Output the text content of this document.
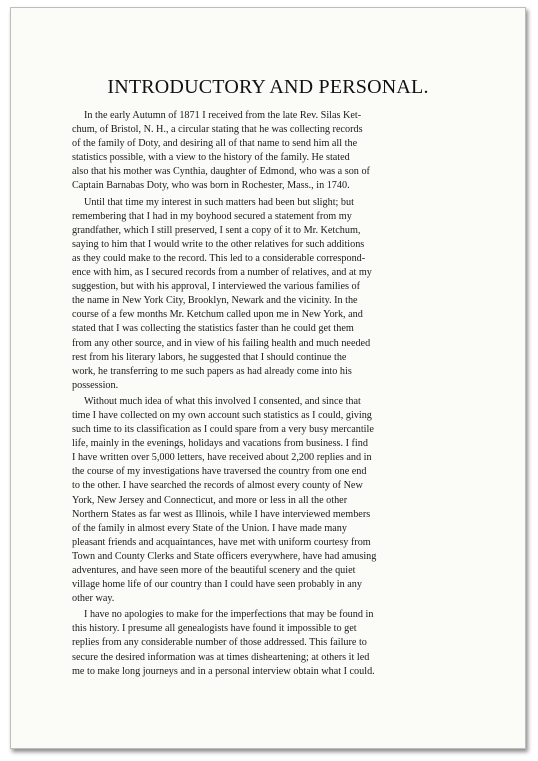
INTRODUCTORY AND PERSONAL.

In the early Autumn of 1871 I received from the late Rev. Silas Ket-
chum, of Bristol, N. H., a circular stating that he was collecting records
of the family of Doty, and desiring all of that name to send him all the
statistics possible, with a view to the history of the family. He stated
also that his mother was Cynthia, daughter of Edmond, who was a son of
Captain Barnabas Doty, who was born in Rochester, Mass., in 1740.

Until that time my interest in such matters had been but slight; but
remembering that I had in my boyhood secured a statement from my
grandfather, which I still preserved, I sent a copy of it to Mr. Ketchum,
saying to him that I would write to the other relatives for such additions
as they could make to the record. This led to a considerable correspond-
ence with him, as I secured records from a number of relatives, and at my
suggestion, but with his approval, I interviewed the various families of
the name in New York City, Brooklyn, Newark and the vicinity. In the
course of a few months Mr. Ketchum called upon me in New York, and
stated that I was collecting the statistics faster than he could get them
from any other source, and in view of his failing health and much needed
rest from his literary labors, he suggested that I should continue the
work, he transferring to me such papers as had already come into his
possession.

Without much idea of what this involved I consented, and since that
time I have collected on my own account such statistics as I could, giving
such time to its classification as I could spare from a very busy mercantile
life, mainly in the evenings, holidays and vacations from business. I find
I have written over 5,000 letters, have received about 2,200 replies and in
the course of my investigations have traversed the country from one end
to the other. I have searched the records of almost every county of New
York, New Jersey and Connecticut, and more or less in all the other
Northern States as far west as Illinois, while I have interviewed members
of the family in almost every State of the Union. I have made many
pleasant friends and acquaintances, have met with uniform courtesy from
Town and County Clerks and State officers everywhere, have had amusing
adventures, and have seen more of the beautiful scenery and the quiet
village home life of our country than I could have seen probably in any
other way.

I have no apologies to make for the imperfections that may be found in
this history. I presume all genealogists have found it impossible to get
replies from any considerable number of those addressed. This failure to
secure the desired information was at times disheartening; at others it led
me to make long journeys and in a personal interview obtain what I could.
